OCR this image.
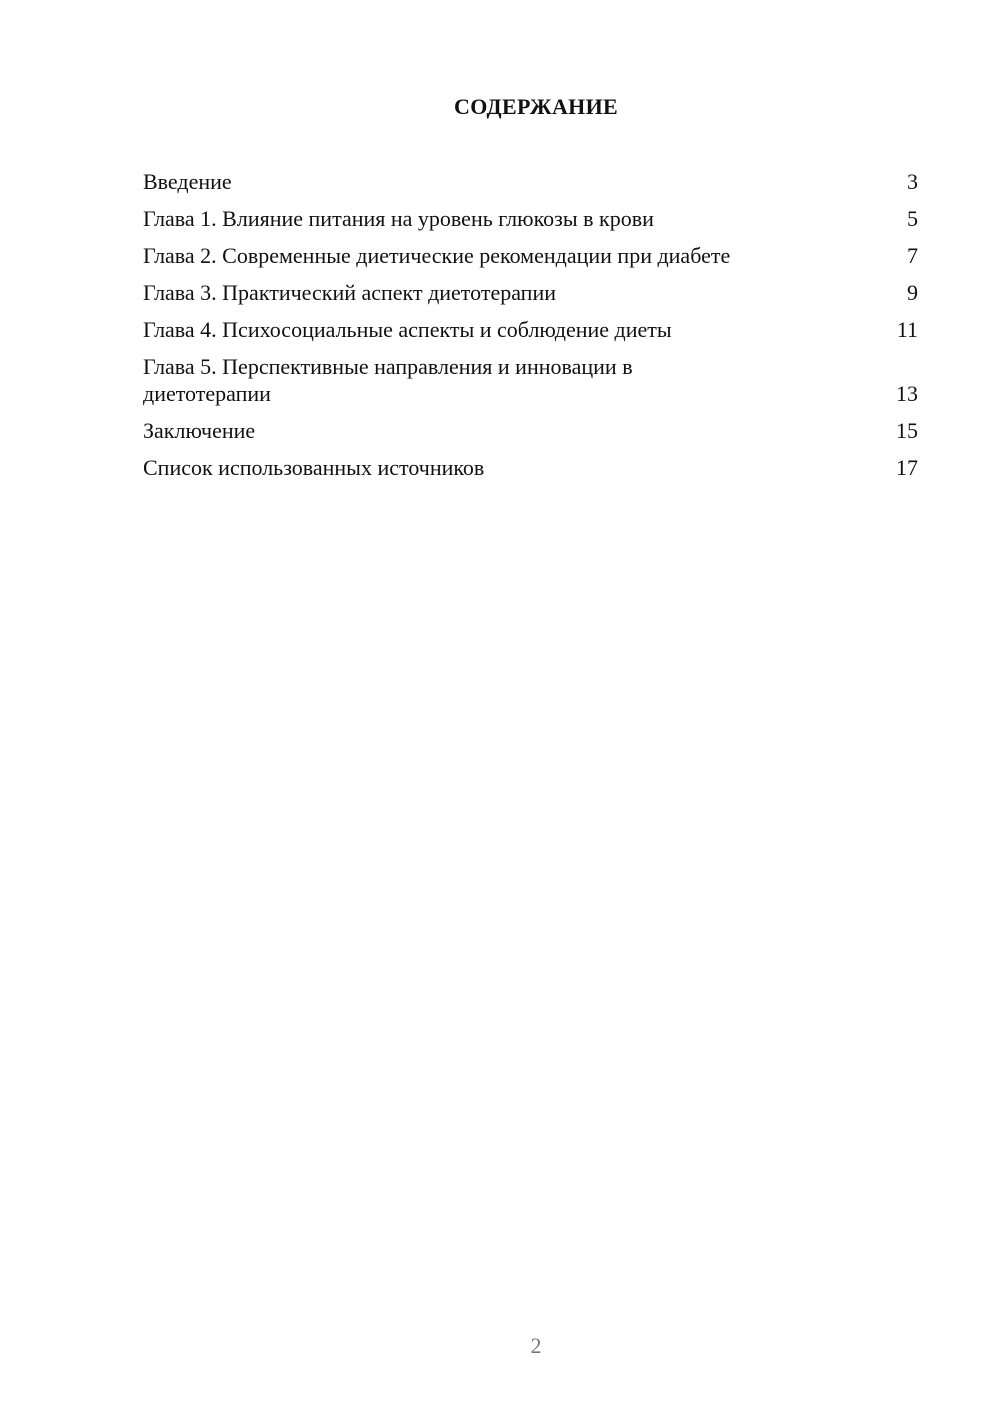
СОДЕРЖАНИЕ
Введение	3
Глава 1. Влияние питания на уровень глюкозы в крови	5
Глава 2. Современные диетические рекомендации при диабете	7
Глава 3. Практический аспект диетотерапии	9
Глава 4. Психосоциальные аспекты и соблюдение диеты	11
Глава 5. Перспективные направления и инновации в диетотерапии	13
Заключение	15
Список использованных источников	17
2
